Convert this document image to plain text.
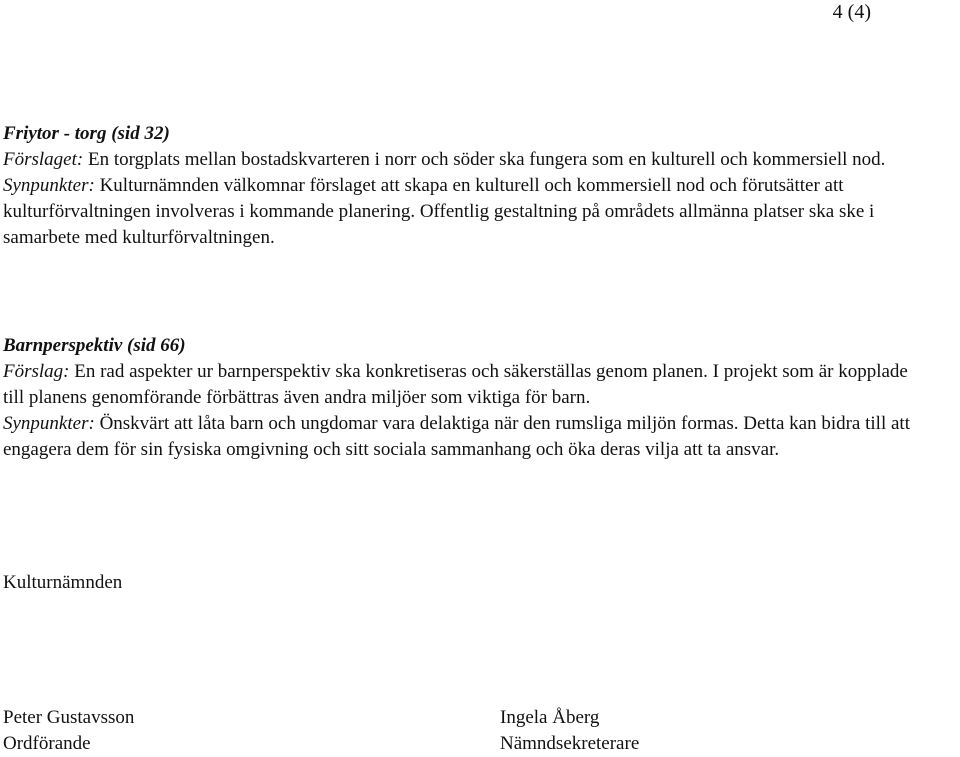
4 (4)

Friytor - torg (sid 32)

Förslaget: En torgplats mellan bostadskvarteren i norr och söder ska fungera som en kulturell och kommersiell nod.

Synpunkter: Kulturnämnden välkomnar förslaget att skapa en kulturell och kommersiell nod och förutsätter att kulturförvaltningen involveras i kommande planering. Offentlig gestaltning på områdets allmänna platser ska ske i samarbete med kulturförvaltningen.

Barnperspektiv (sid 66)

Förslag: En rad aspekter ur barnperspektiv ska konkretiseras och säkerställas genom planen. I projekt som är kopplade till planens genomförande förbättras även andra miljöer som viktiga för barn.

Synpunkter: Önskvärt att låta barn och ungdomar vara delaktiga när den rumsliga miljön formas. Detta kan bidra till att engagera dem för sin fysiska omgivning och sitt sociala sammanhang och öka deras vilja att ta ansvar.

Kulturnämnden
Peter Gustavsson
Ordförande
Ingela Åberg
Nämndsekreterare
